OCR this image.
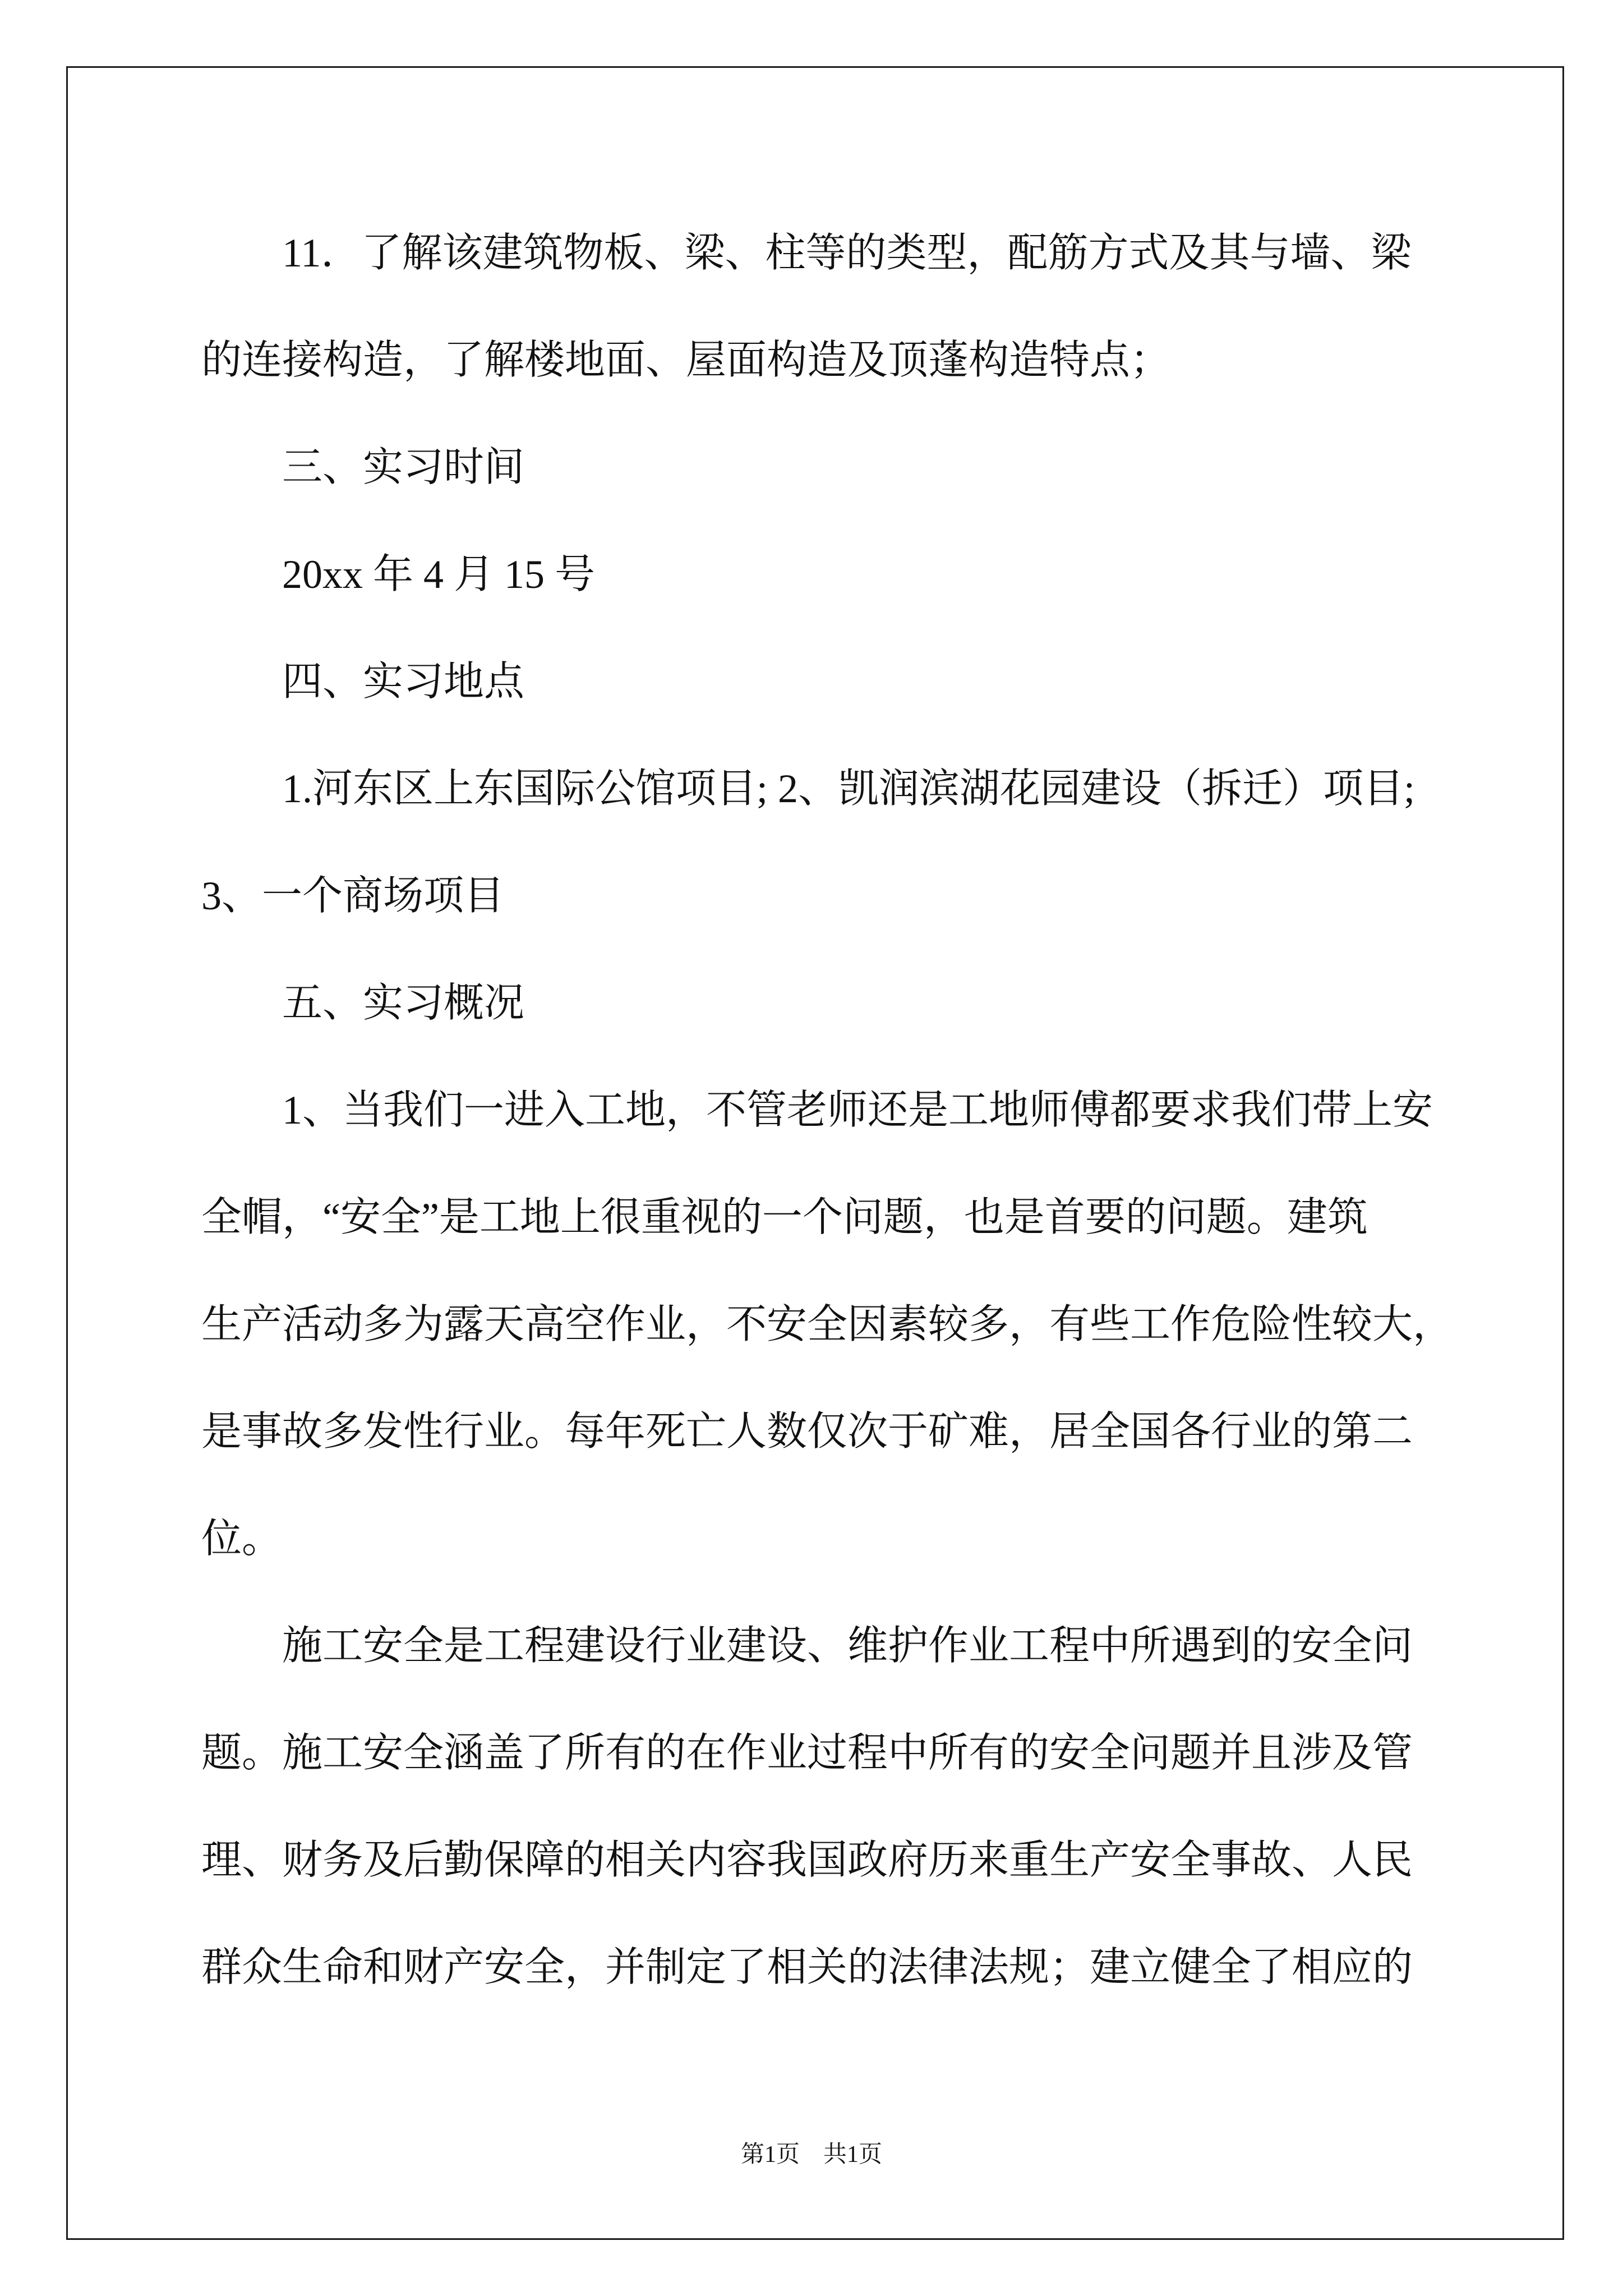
11．了解该建筑物板、梁、柱等的类型，配筋方式及其与墙、梁
的连接构造，了解楼地面、屋面构造及顶蓬构造特点；
三、实习时间
20xx 年 4 月 15 号
四、实习地点
1.河东区上东国际公馆项目; 2、凯润滨湖花园建设（拆迁）项目;
3、一个商场项目
五、实习概况
1、当我们一进入工地，不管老师还是工地师傅都要求我们带上安
全帽，“安全”是工地上很重视的一个问题，也是首要的问题。建筑
生产活动多为露天高空作业，不安全因素较多，有些工作危险性较大，
是事故多发性行业。每年死亡人数仅次于矿难，居全国各行业的第二
位。
施工安全是工程建设行业建设、维护作业工程中所遇到的安全问
题。施工安全涵盖了所有的在作业过程中所有的安全问题并且涉及管
理、财务及后勤保障的相关内容我国政府历来重生产安全事故、人民
群众生命和财产安全，并制定了相关的法律法规；建立健全了相应的
第1页 共1页
